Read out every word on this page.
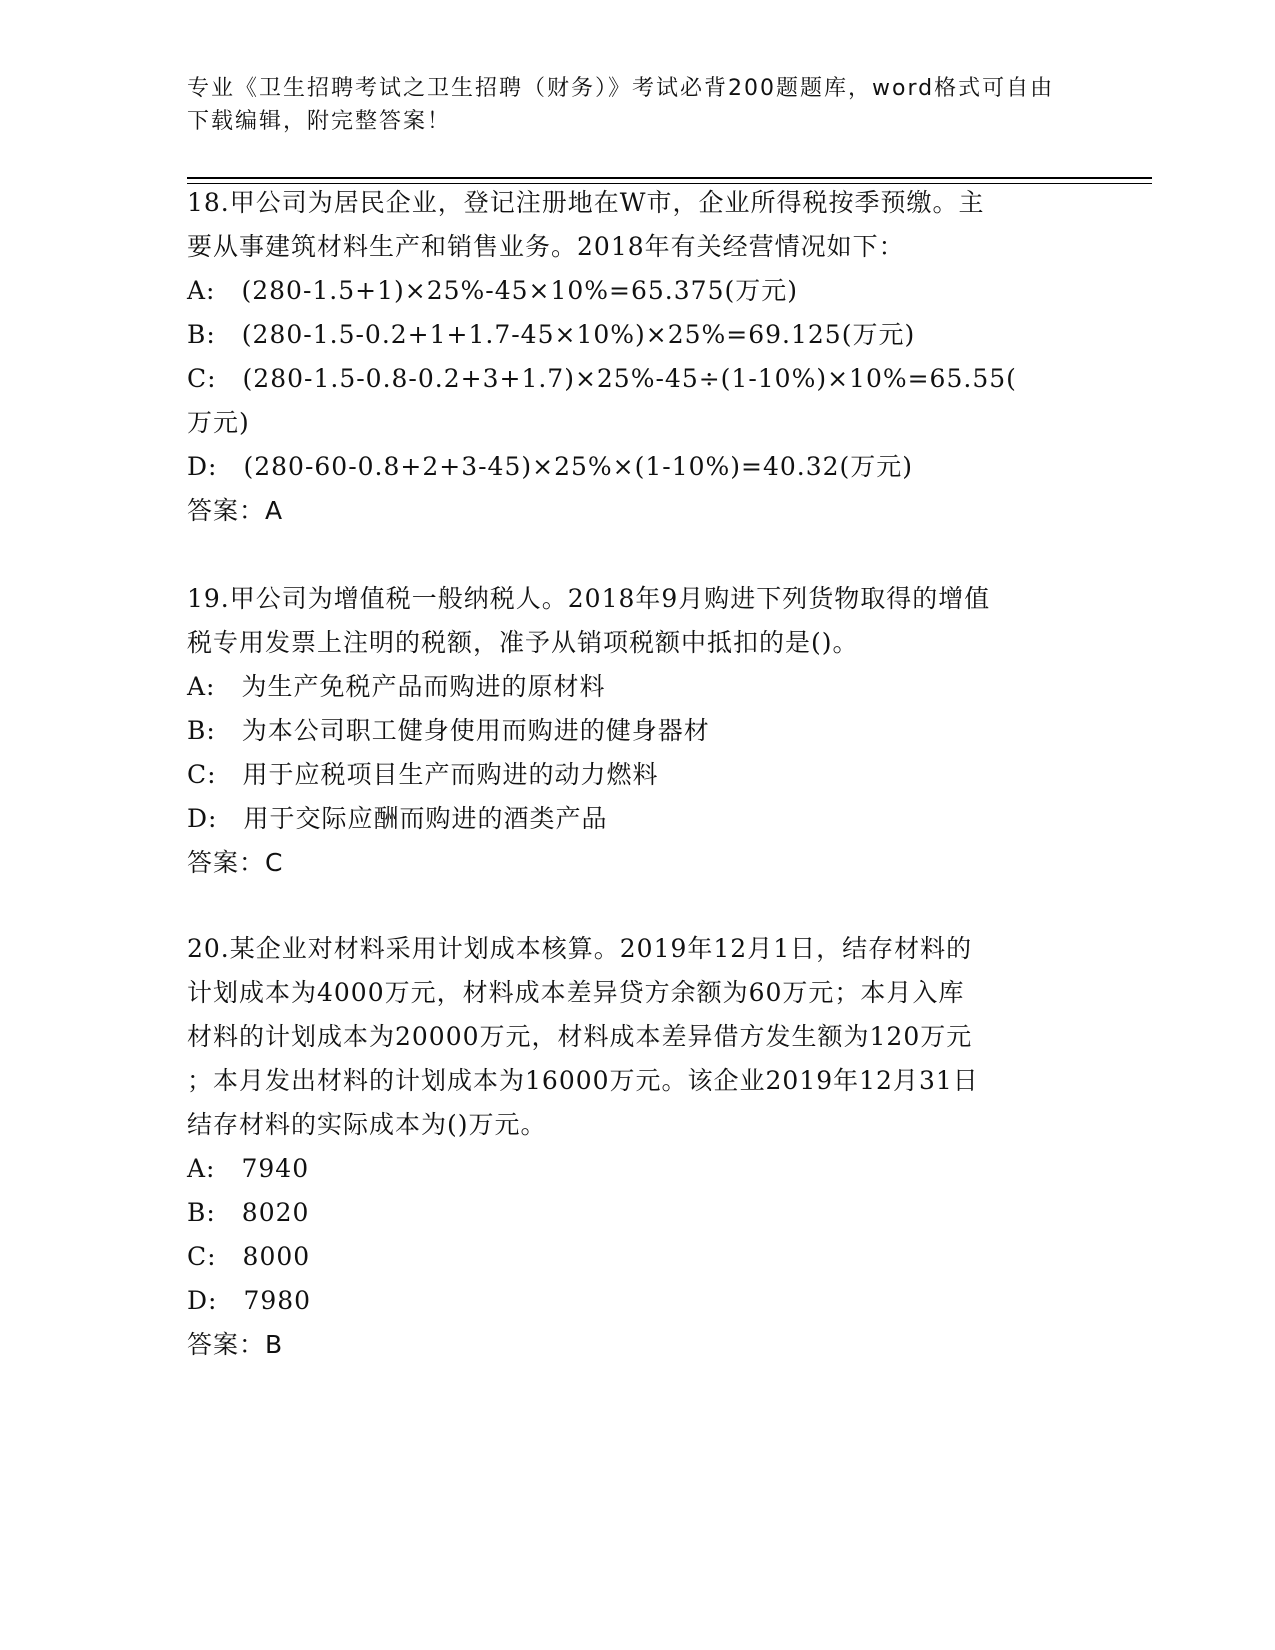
专业《卫生招聘考试之卫生招聘（财务）》考试必背200题题库，word格式可自由下载编辑，附完整答案！
18.甲公司为居民企业，登记注册地在W市，企业所得税按季预缴。主
要从事建筑材料生产和销售业务。2018年有关经营情况如下：
A:　(280-1.5+1)×25%-45×10%=65.375(万元)
B:　(280-1.5-0.2+1+1.7-45×10%)×25%=69.125(万元)
C:　(280-1.5-0.8-0.2+3+1.7)×25%-45÷(1-10%)×10%=65.55(
万元)
D:　(280-60-0.8+2+3-45)×25%×(1-10%)=40.32(万元)
答案：A
19.甲公司为增值税一般纳税人。2018年9月购进下列货物取得的增值
税专用发票上注明的税额，准予从销项税额中抵扣的是()。
A:　为生产免税产品而购进的原材料
B:　为本公司职工健身使用而购进的健身器材
C:　用于应税项目生产而购进的动力燃料
D:　用于交际应酬而购进的酒类产品
答案：C
20.某企业对材料采用计划成本核算。2019年12月1日，结存材料的
计划成本为4000万元，材料成本差异贷方余额为60万元；本月入库
材料的计划成本为20000万元，材料成本差异借方发生额为120万元
；本月发出材料的计划成本为16000万元。该企业2019年12月31日
结存材料的实际成本为()万元。
A:　7940
B:　8020
C:　8000
D:　7980
答案：B
